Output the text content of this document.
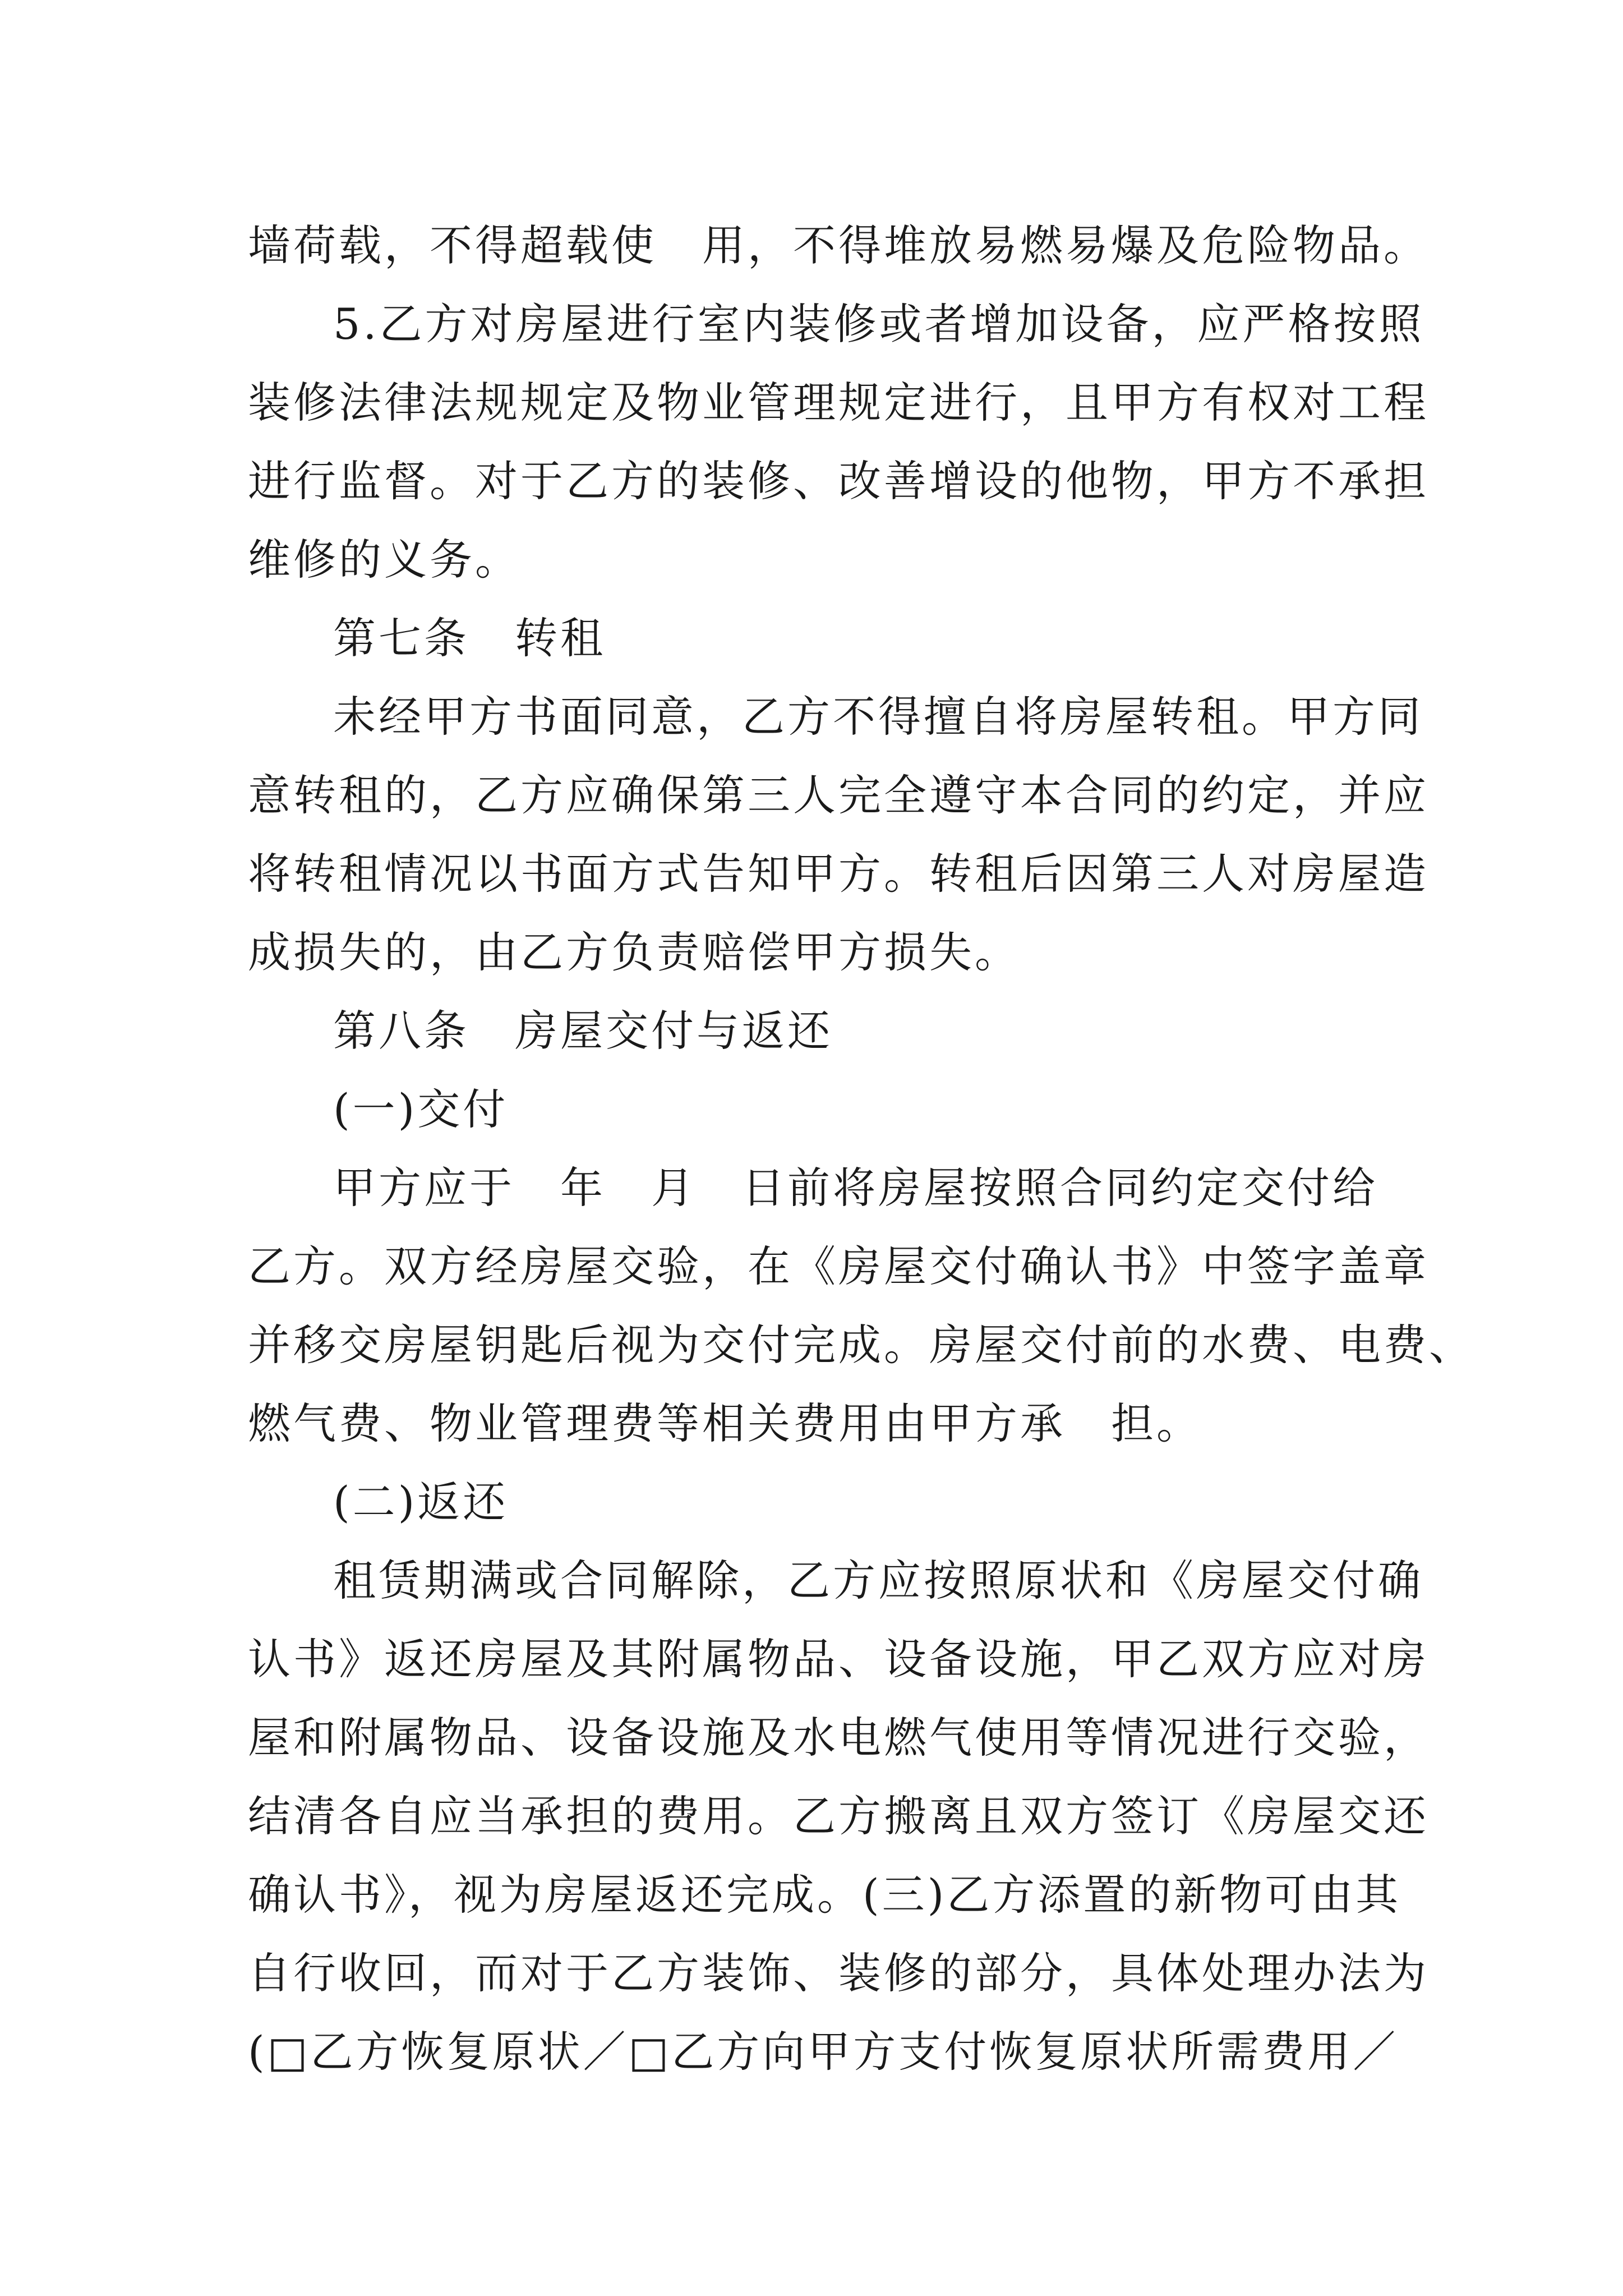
墙荷载，不得超载使　用，不得堆放易燃易爆及危险物品。
5.乙方对房屋进行室内装修或者增加设备，应严格按照
装修法律法规规定及物业管理规定进行，且甲方有权对工程
进行监督。对于乙方的装修、改善增设的他物，甲方不承担
维修的义务。
第七条　转租
未经甲方书面同意，乙方不得擅自将房屋转租。甲方同
意转租的，乙方应确保第三人完全遵守本合同的约定，并应
将转租情况以书面方式告知甲方。转租后因第三人对房屋造
成损失的，由乙方负责赔偿甲方损失。
第八条　房屋交付与返还
(一)交付
甲方应于　年　月　日前将房屋按照合同约定交付给
乙方。双方经房屋交验，在《房屋交付确认书》中签字盖章
并移交房屋钥匙后视为交付完成。房屋交付前的水费、电费、
燃气费、物业管理费等相关费用由甲方承　担。
(二)返还
租赁期满或合同解除，乙方应按照原状和《房屋交付确
认书》返还房屋及其附属物品、设备设施，甲乙双方应对房
屋和附属物品、设备设施及水电燃气使用等情况进行交验，
结清各自应当承担的费用。乙方搬离且双方签订《房屋交还
确认书》，视为房屋返还完成。(三)乙方添置的新物可由其
自行收回，而对于乙方装饰、装修的部分，具体处理办法为
(□乙方恢复原状／□乙方向甲方支付恢复原状所需费用／
